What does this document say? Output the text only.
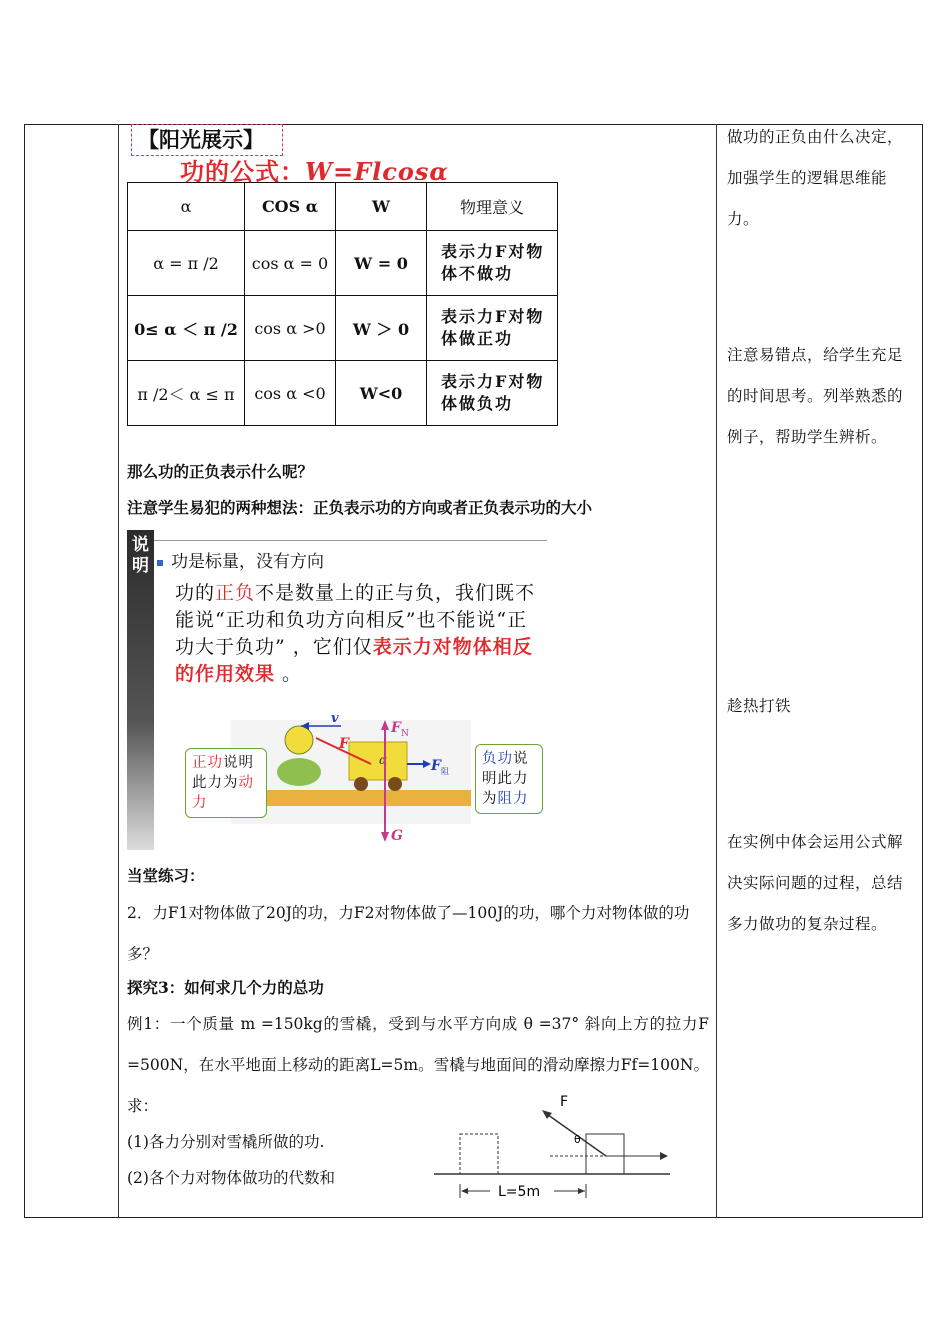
做功的正负由什么决定，加强学生的逻辑思维能力。
注意易错点，给学生充足的时间思考。列举熟悉的例子，帮助学生辨析。
趁热打铁
在实例中体会运用公式解决实际问题的过程，总结多力做功的复杂过程。
【阳光展示】
功的公式：W=Flcosα
α	COS α	W	物理意义
α = π /2	cos α = 0	W = 0	表示力F对物体不做功
0≤ α ＜ π /2	cos α >0	W ＞ 0	表示力F对物体做正功
π /2＜ α ≤ π	cos α <0	W<0	表示力F对物体做负功
那么功的正负表示什么呢？
注意学生易犯的两种想法：正负表示功的方向或者正负表示功的大小
说明	功是标量，没有方向
功的正负不是数量上的正与负，我们既不能说“正功和负功方向相反”也不能说“正功大于负功” ，它们仅表示力对物体相反的作用效果 。
v
F
α
F N
G
F 阻
正功说明此力为动力
负功说明此力为阻力
当堂练习：
2．力F1对物体做了20J的功，力F2对物体做了—100J的功，哪个力对物体做的功多？
探究3：如何求几个力的总功
例1：一个质量 m =150kg的雪橇，受到与水平方向成 θ =37° 斜向上方的拉力F =500N，在水平地面上移动的距离L=5m。雪橇与地面间的滑动摩擦力Ff=100N。求：
(1)各力分别对雪橇所做的功.
(2)各个力对物体做功的代数和
F
θ
L=5m
